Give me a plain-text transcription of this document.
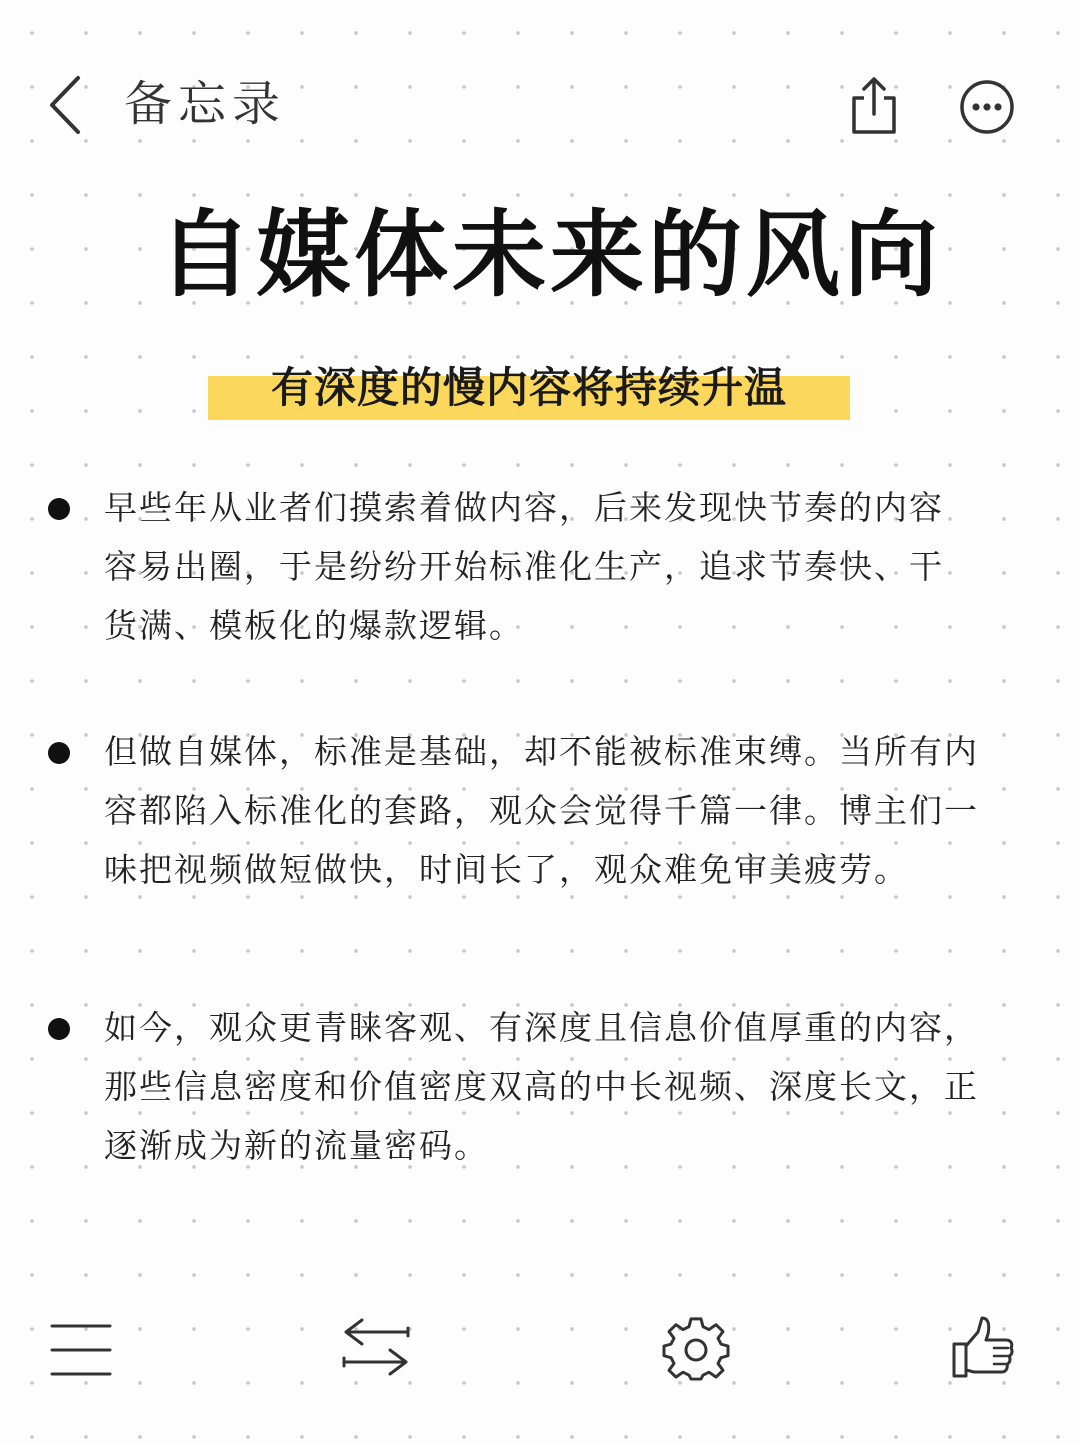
备忘录
自媒体未来的风向
有深度的慢内容将持续升温
早些年从业者们摸索着做内容，后来发现快节奏的内容
容易出圈，于是纷纷开始标准化生产，追求节奏快、干
货满、模板化的爆款逻辑。
但做自媒体，标准是基础，却不能被标准束缚。当所有内
容都陷入标准化的套路，观众会觉得千篇一律。博主们一
味把视频做短做快，时间长了，观众难免审美疲劳。
如今，观众更青睐客观、有深度且信息价值厚重的内容，
那些信息密度和价值密度双高的中长视频、深度长文，正
逐渐成为新的流量密码。
